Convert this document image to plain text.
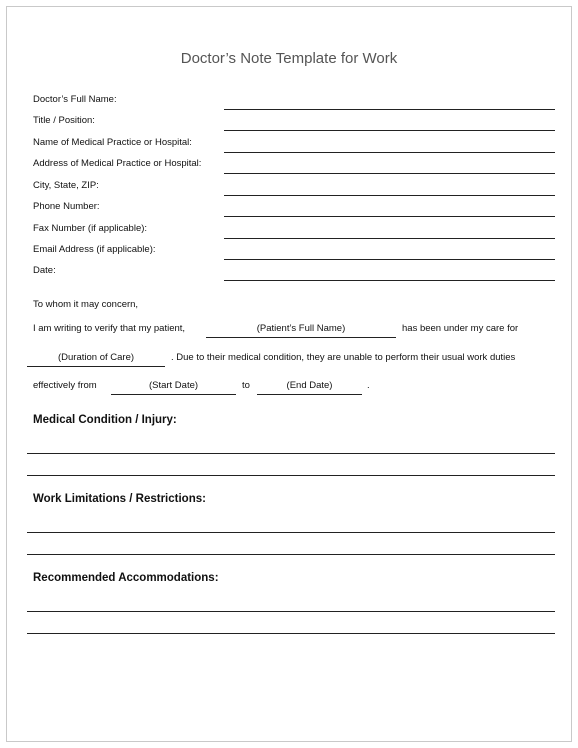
Doctor’s Note Template for Work
Doctor’s Full Name:
Title / Position:
Name of Medical Practice or Hospital:
Address of Medical Practice or Hospital:
City, State, ZIP:
Phone Number:
Fax Number (if applicable):
Email Address (if applicable):
Date:
To whom it may concern,
I am writing to verify that my patient,	(Patient’s Full Name)	has been under my care for
(Duration of Care)	. Due to their medical condition, they are unable to perform their usual work duties
effectively from	(Start Date)	to	(End Date)	.
Medical Condition / Injury:
Work Limitations / Restrictions:
Recommended Accommodations:
